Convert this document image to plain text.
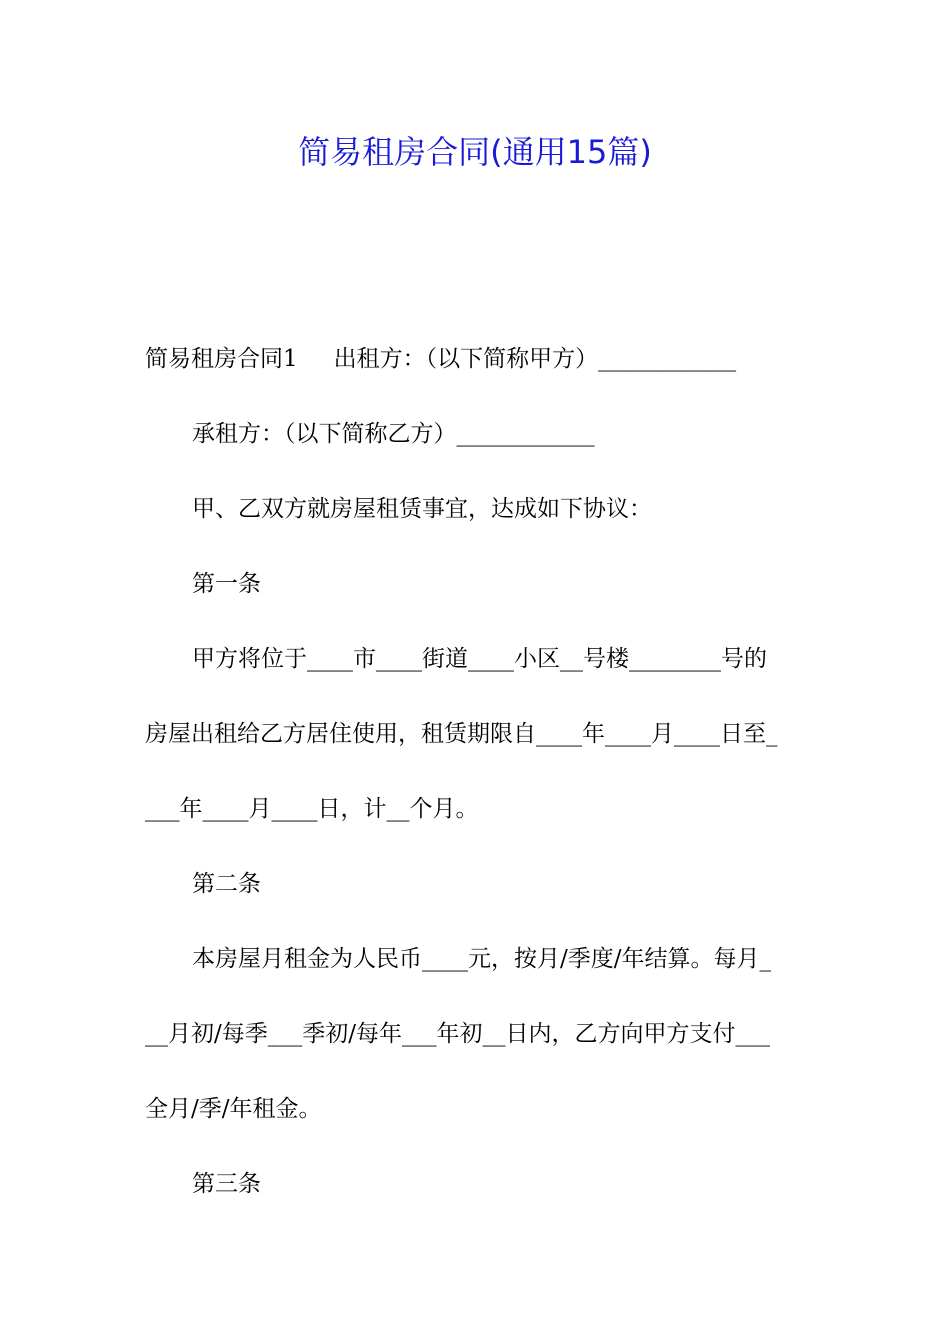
简易租房合同(通用15篇)
简易租房合同1 出租方：（以下简称甲方）____________
承租方：（以下简称乙方）____________
甲、乙双方就房屋租赁事宜，达成如下协议：
第一条
甲方将位于____市____街道____小区__号楼________号的
房屋出租给乙方居住使用，租赁期限自____年____月____日至_
___年____月____日，计__个月。
第二条
本房屋月租金为人民币____元，按月/季度/年结算。每月_
__月初/每季___季初/每年___年初__日内，乙方向甲方支付___
全月/季/年租金。
第三条
